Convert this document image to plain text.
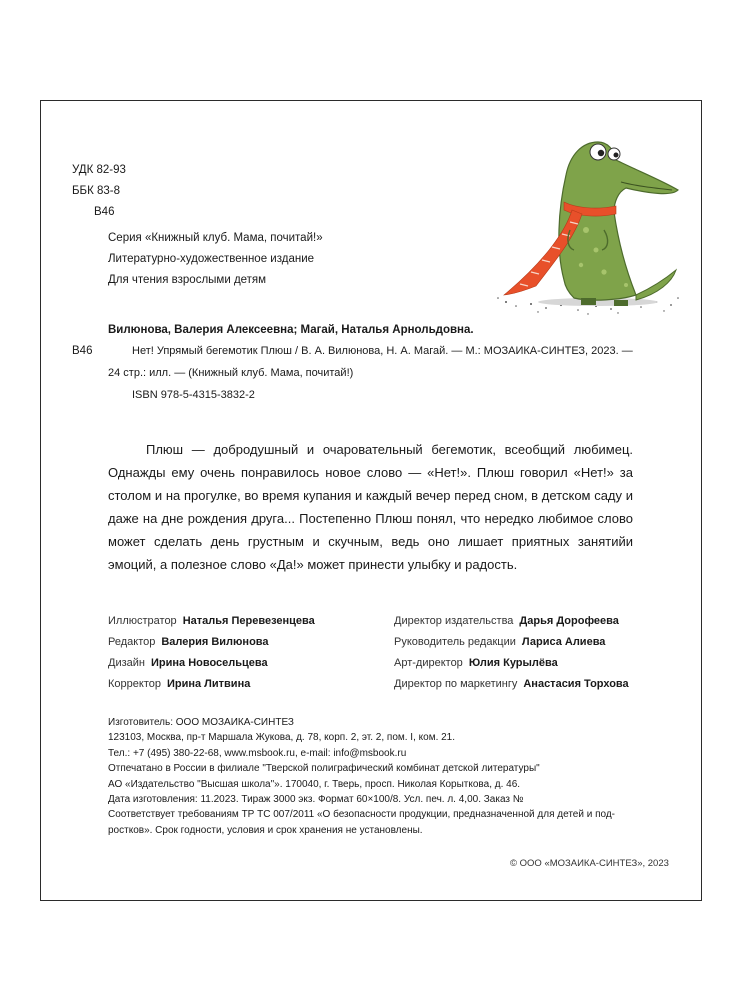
УДК 82-93
ББК 83-8
В46
Серия «Книжный клуб. Мама, почитай!»
Литературно-художественное издание
Для чтения взрослыми детям
Вилюнова, Валерия Алексеевна; Магай, Наталья Арнольдовна.
В46	Нет! Упрямый бегемотик Плюш / В. А. Вилюнова, Н. А. Магай. — М.: МОЗАИКА-СИНТЕЗ, 2023. —
24 стр.: илл. — (Книжный клуб. Мама, почитай!)
ISBN 978-5-4315-3832-2

Плюш — добродушный и очаровательный бегемотик, всеобщий любимец. Однажды ему очень понравилось новое слово — «Нет!». Плюш говорил «Нет!» за столом и на прогулке, во время купания и каждый вечер перед сном, в детском саду и даже на дне рождения друга... Постепенно Плюш понял, что нередко любимое слово может сделать день грустным и скучным, ведь оно лишает приятных занятийи эмоций, а полезное слово «Да!» может принести улыбку и радость.

Иллюстратор Наталья Перевезенцева
Редактор Валерия Вилюнова
Дизайн Ирина Новосельцева
Корректор Ирина Литвина
Директор издательства Дарья Дорофеева
Руководитель редакции Лариса Алиева
Арт-директор Юлия Курылёва
Директор по маркетингу Анастасия Торхова
Изготовитель: ООО МОЗАИКА-СИНТЕЗ
123103, Москва, пр-т Маршала Жукова, д. 78, корп. 2, эт. 2, пом. I, ком. 21.
Тел.: +7 (495) 380-22-68, www.msbook.ru, e-mail: info@msbook.ru
Отпечатано в России в филиале "Тверской полиграфический комбинат детской литературы"
АО «Издательство "Высшая школа"». 170040, г. Тверь, просп. Николая Корыткова, д. 46.
Дата изготовления: 11.2023. Тираж 3000 экз. Формат 60×100/8. Усл. печ. л. 4,00. Заказ №
Соответствует требованиям ТР ТС 007/2011 «О безопасности продукции, предназначенной для детей и под-
ростков». Срок годности, условия и срок хранения не установлены.
© ООО «МОЗАИКА-СИНТЕЗ», 2023
